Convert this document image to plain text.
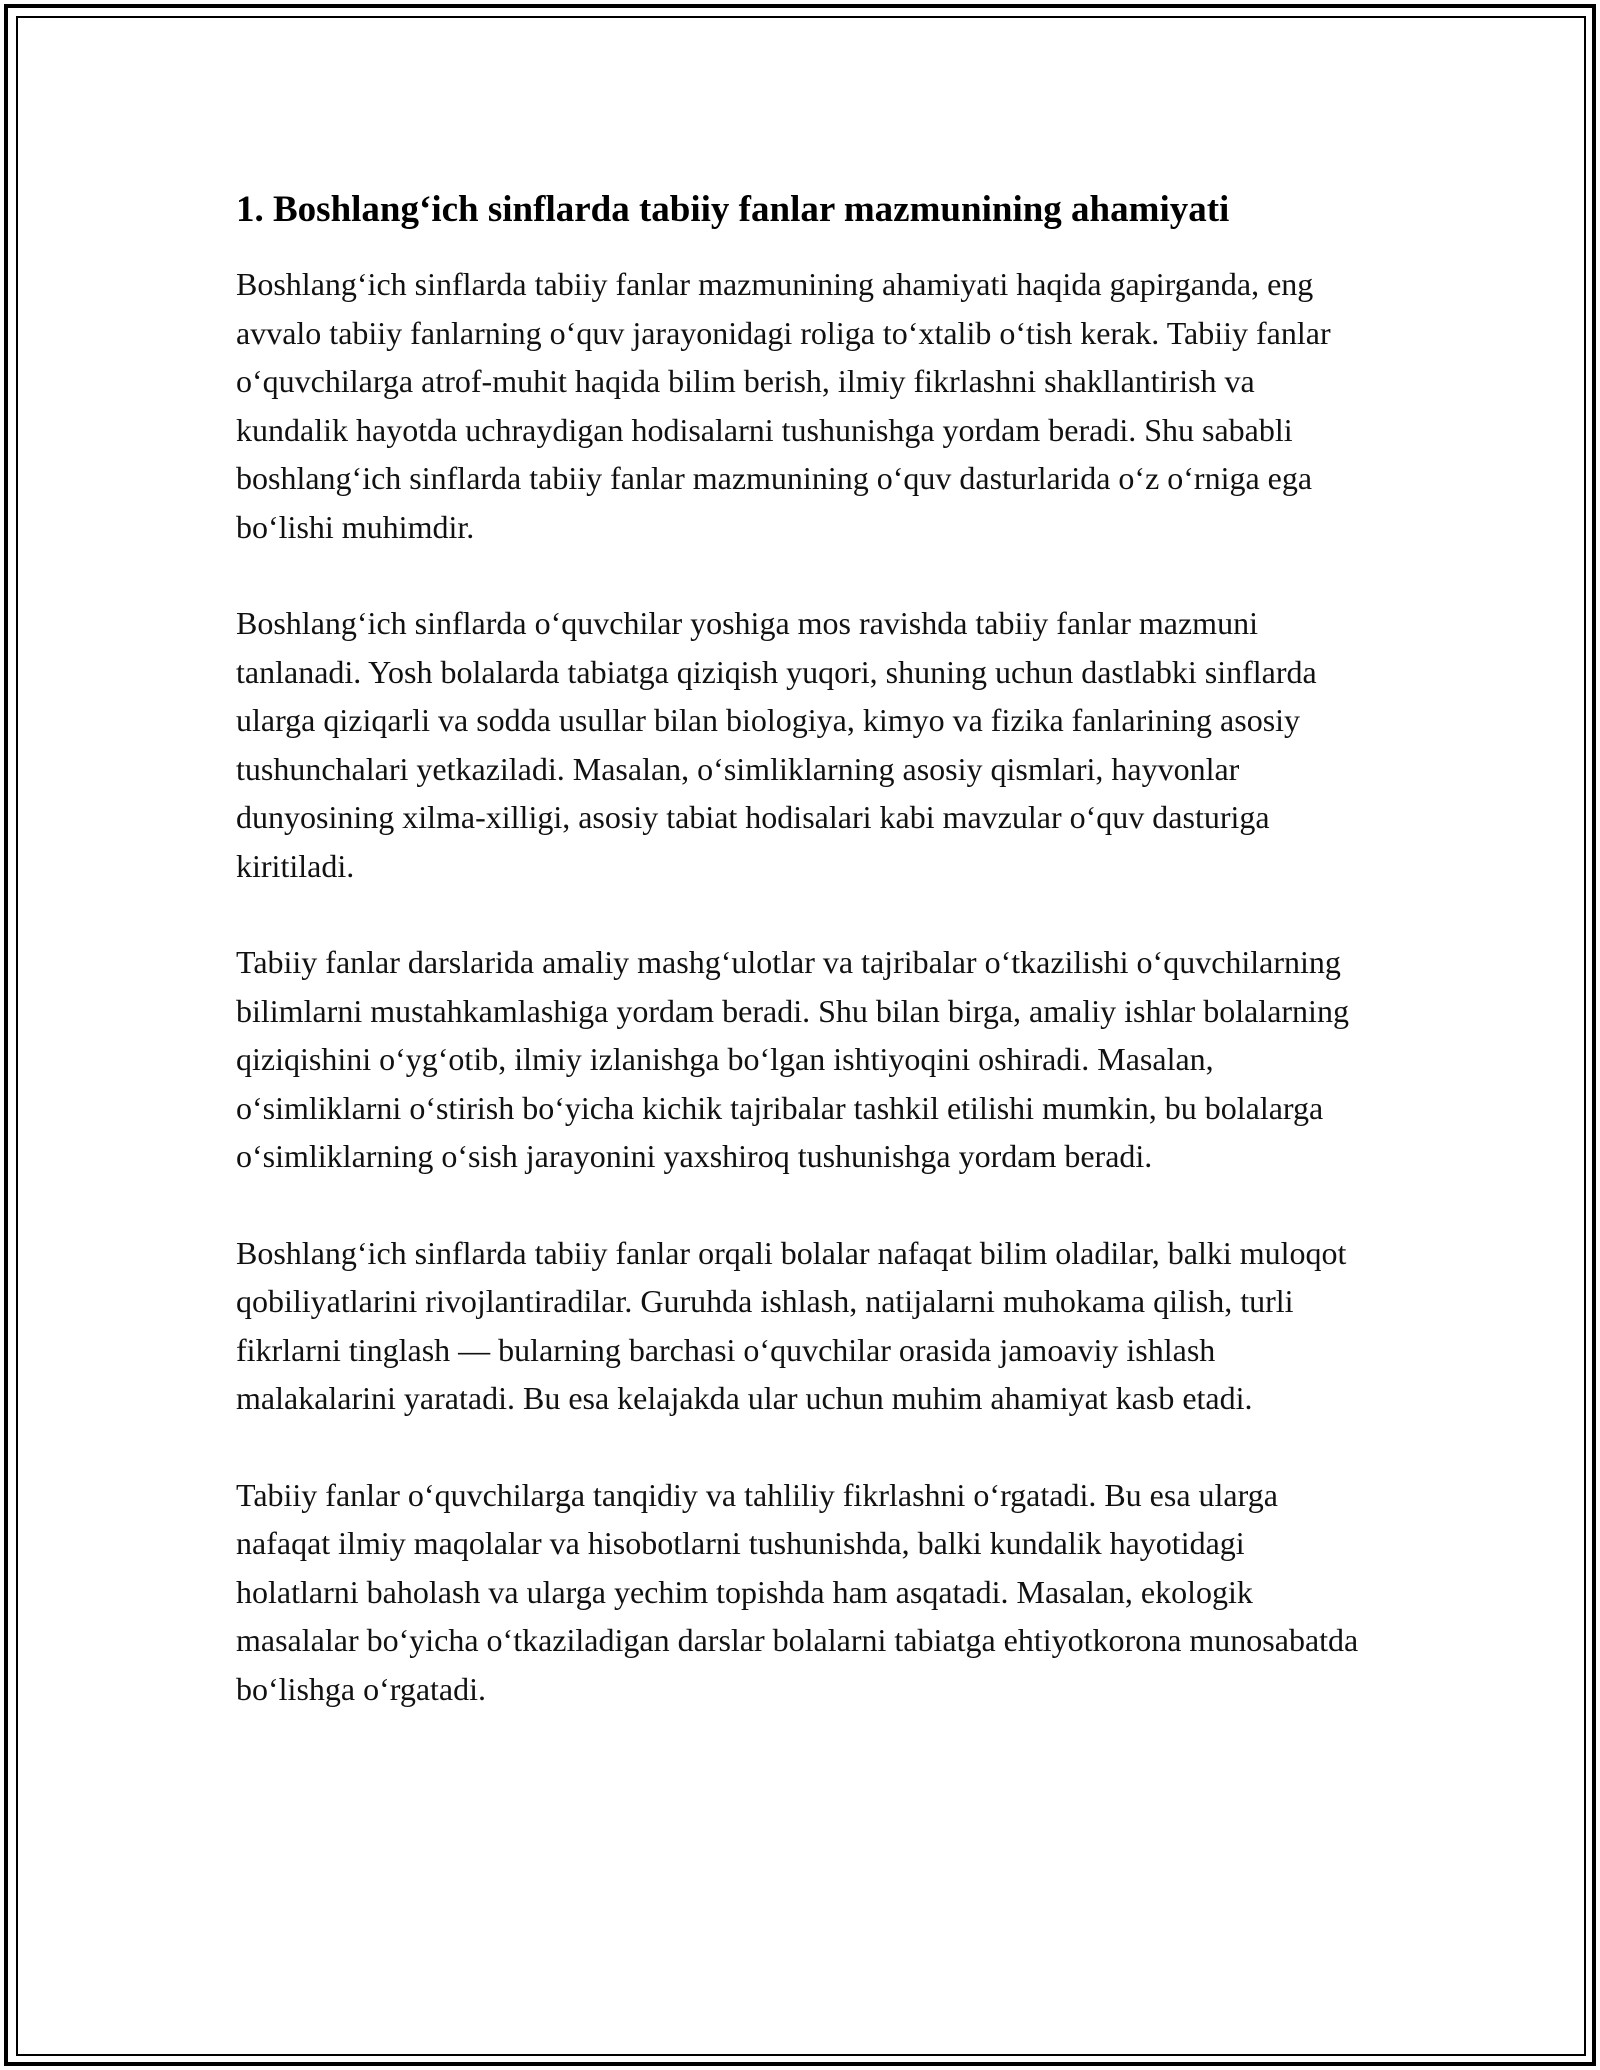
1. Boshlang‘ich sinflarda tabiiy fanlar mazmunining ahamiyati

Boshlang‘ich sinflarda tabiiy fanlar mazmunining ahamiyati haqida gapirganda, eng avvalo tabiiy fanlarning o‘quv jarayonidagi roliga to‘xtalib o‘tish kerak. Tabiiy fanlar o‘quvchilarga atrof-muhit haqida bilim berish, ilmiy fikrlashni shakllantirish va kundalik hayotda uchraydigan hodisalarni tushunishga yordam beradi. Shu sababli boshlang‘ich sinflarda tabiiy fanlar mazmunining o‘quv dasturlarida o‘z o‘rniga ega bo‘lishi muhimdir.

Boshlang‘ich sinflarda o‘quvchilar yoshiga mos ravishda tabiiy fanlar mazmuni tanlanadi. Yosh bolalarda tabiatga qiziqish yuqori, shuning uchun dastlabki sinflarda ularga qiziqarli va sodda usullar bilan biologiya, kimyo va fizika fanlarining asosiy tushunchalari yetkaziladi. Masalan, o‘simliklarning asosiy qismlari, hayvonlar dunyosining xilma-xilligi, asosiy tabiat hodisalari kabi mavzular o‘quv dasturiga kiritiladi.

Tabiiy fanlar darslarida amaliy mashg‘ulotlar va tajribalar o‘tkazilishi o‘quvchilarning bilimlarni mustahkamlashiga yordam beradi. Shu bilan birga, amaliy ishlar bolalarning qiziqishini o‘yg‘otib, ilmiy izlanishga bo‘lgan ishtiyoqini oshiradi. Masalan, o‘simliklarni o‘stirish bo‘yicha kichik tajribalar tashkil etilishi mumkin, bu bolalarga o‘simliklarning o‘sish jarayonini yaxshiroq tushunishga yordam beradi.

Boshlang‘ich sinflarda tabiiy fanlar orqali bolalar nafaqat bilim oladilar, balki muloqot qobiliyatlarini rivojlantiradilar. Guruhda ishlash, natijalarni muhokama qilish, turli fikrlarni tinglash — bularning barchasi o‘quvchilar orasida jamoaviy ishlash malakalarini yaratadi. Bu esa kelajakda ular uchun muhim ahamiyat kasb etadi.

Tabiiy fanlar o‘quvchilarga tanqidiy va tahliliy fikrlashni o‘rgatadi. Bu esa ularga nafaqat ilmiy maqolalar va hisobotlarni tushunishda, balki kundalik hayotidagi holatlarni baholash va ularga yechim topishda ham asqatadi. Masalan, ekologik masalalar bo‘yicha o‘tkaziladigan darslar bolalarni tabiatga ehtiyotkorona munosabatda bo‘lishga o‘rgatadi.
